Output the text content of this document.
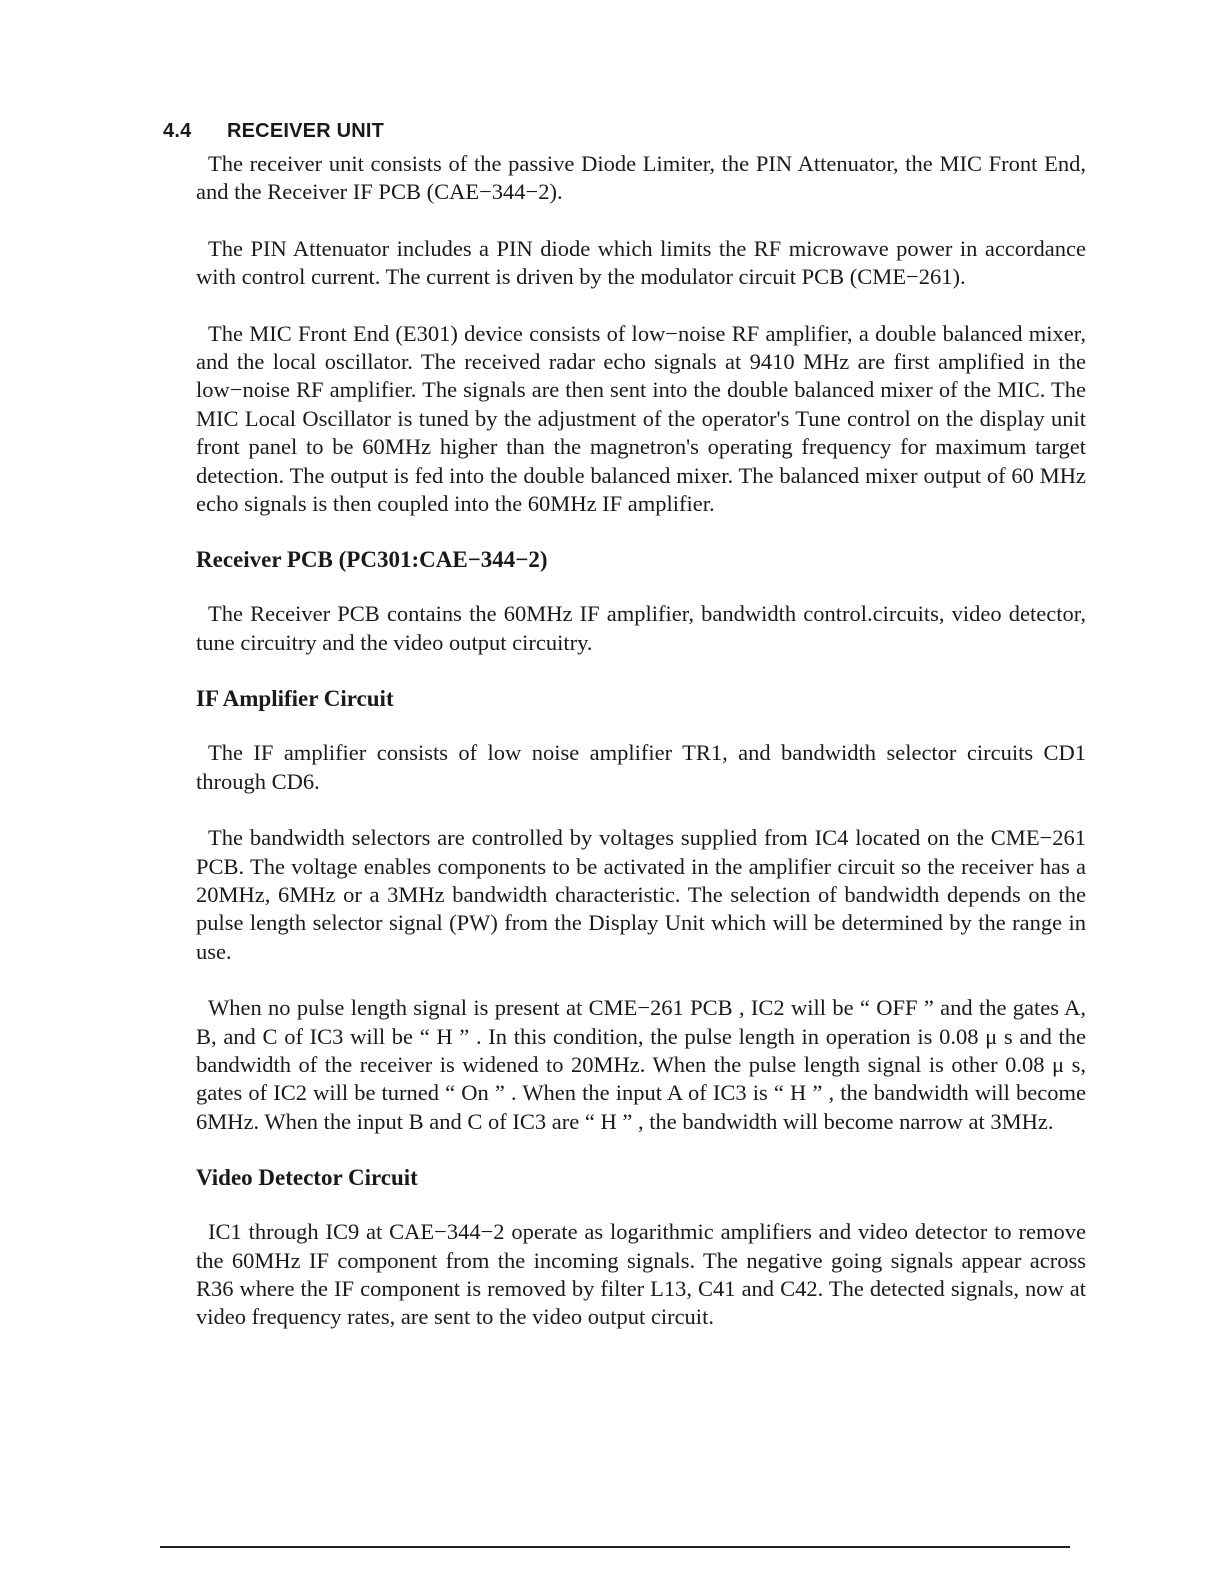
4.4 RECEIVER UNIT

The receiver unit consists of the passive Diode Limiter, the PIN Attenuator, the MIC Front End, and the Receiver IF PCB (CAE−344−2).

The PIN Attenuator includes a PIN diode which limits the RF microwave power in accordance with control current. The current is driven by the modulator circuit PCB (CME−261).

The MIC Front End (E301) device consists of low−noise RF amplifier, a double balanced mixer, and the local oscillator. The received radar echo signals at 9410 MHz are first amplified in the low−noise RF amplifier. The signals are then sent into the double balanced mixer of the MIC. The MIC Local Oscillator is tuned by the adjustment of the operator's Tune control on the display unit front panel to be 60MHz higher than the magnetron's operating frequency for maximum target detection. The output is fed into the double balanced mixer. The balanced mixer output of 60 MHz echo signals is then coupled into the 60MHz IF amplifier.

Receiver PCB (PC301:CAE−344−2)

The Receiver PCB contains the 60MHz IF amplifier, bandwidth control.circuits, video detector, tune circuitry and the video output circuitry.

IF Amplifier Circuit

The IF amplifier consists of low noise amplifier TR1, and bandwidth selector circuits CD1 through CD6.

The bandwidth selectors are controlled by voltages supplied from IC4 located on the CME−261 PCB. The voltage enables components to be activated in the amplifier circuit so the receiver has a 20MHz, 6MHz or a 3MHz bandwidth characteristic. The selection of bandwidth depends on the pulse length selector signal (PW) from the Display Unit which will be determined by the range in use.

When no pulse length signal is present at CME−261 PCB , IC2 will be “ OFF ” and the gates A, B, and C of IC3 will be “ H ” . In this condition, the pulse length in operation is 0.08 μ s and the bandwidth of the receiver is widened to 20MHz. When the pulse length signal is other 0.08 μ s, gates of IC2 will be turned “ On ” . When the input A of IC3 is “ H ” , the bandwidth will become 6MHz. When the input B and C of IC3 are “ H ” , the bandwidth will become narrow at 3MHz.

Video Detector Circuit

IC1 through IC9 at CAE−344−2 operate as logarithmic amplifiers and video detector to remove the 60MHz IF component from the incoming signals. The negative going signals appear across R36 where the IF component is removed by filter L13, C41 and C42. The detected signals, now at video frequency rates, are sent to the video output circuit.
